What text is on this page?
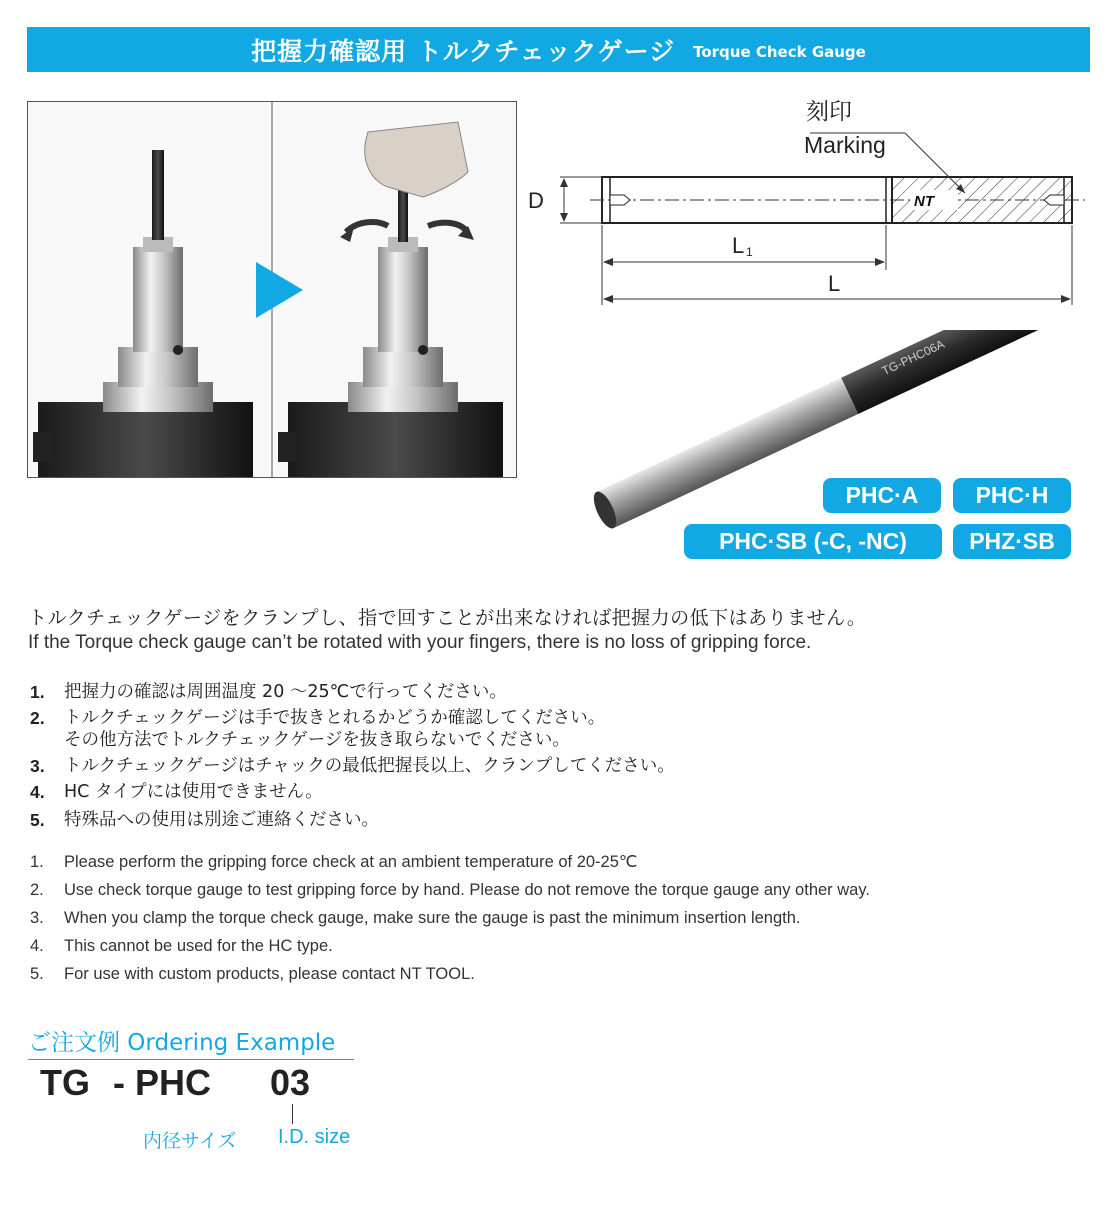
把握力確認用 トルクチェックゲージ Torque Check Gauge
NT
刻印
Marking
D
L 1
L
TG-PHC06A
PHC·A	PHC·H
PHC·SB (-C, -NC)	PHZ·SB
トルクチェックゲージをクランプし、指で回すことが出来なければ把握力の低下はありません。
If the Torque check gauge can’t be rotated with your fingers, there is no loss of gripping force.
1.	把握力の確認は周囲温度 20 ～25℃で行ってください。
2.	トルクチェックゲージは手で抜きとれるかどうか確認してください。
その他方法でトルクチェックゲージを抜き取らないでください。
3.	トルクチェックゲージはチャックの最低把握長以上、クランプしてください。
4.	HC タイプには使用できません。
5.	特殊品への使用は別途ご連絡ください。
1.	Please perform the gripping force check at an ambient temperature of 20-25℃
2.	Use check torque gauge to test gripping force by hand. Please do not remove the torque gauge any other way.
3.	When you clamp the torque check gauge, make sure the gauge is past the minimum insertion length.
4.	This cannot be used for the HC type.
5.	For use with custom products, please contact NT TOOL.
ご注文例 Ordering Example
TG - PHC 03
内径サイズ I.D. size
